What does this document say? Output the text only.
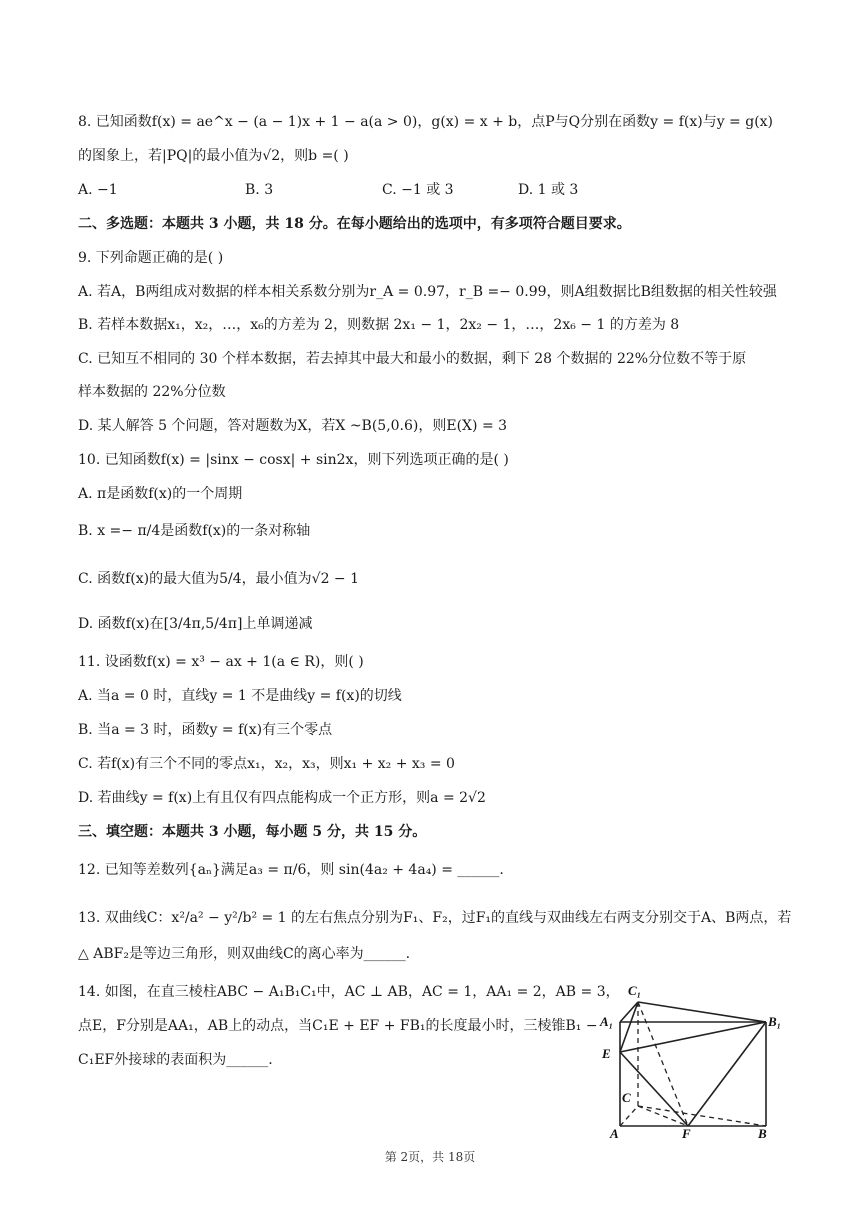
8. 已知函数f(x) = ae^x − (a − 1)x + 1 − a(a > 0)，g(x) = x + b，点P与Q分别在函数y = f(x)与y = g(x)
的图象上，若|PQ|的最小值为√2，则b =( )
A. −1	B. 3	C. −1 或 3	D. 1 或 3
二、多选题：本题共 3 小题，共 18 分。在每小题给出的选项中，有多项符合题目要求。
9. 下列命题正确的是( )
A. 若A，B两组成对数据的样本相关系数分别为r_A = 0.97，r_B =− 0.99，则A组数据比B组数据的相关性较强
B. 若样本数据x₁，x₂，…，x₆的方差为 2，则数据 2x₁ − 1，2x₂ − 1，…，2x₆ − 1 的方差为 8
C. 已知互不相同的 30 个样本数据，若去掉其中最大和最小的数据，剩下 28 个数据的 22%分位数不等于原
样本数据的 22%分位数
D. 某人解答 5 个问题，答对题数为X，若X ~B(5,0.6)，则E(X) = 3
10. 已知函数f(x) = |sinx − cosx| + sin2x，则下列选项正确的是( )
A. π是函数f(x)的一个周期
B. x =− π/4是函数f(x)的一条对称轴
C. 函数f(x)的最大值为5/4，最小值为√2 − 1
D. 函数f(x)在[3/4π,5/4π]上单调递减
11. 设函数f(x) = x³ − ax + 1(a ∈ R)，则( )
A. 当a = 0 时，直线y = 1 不是曲线y = f(x)的切线
B. 当a = 3 时，函数y = f(x)有三个零点
C. 若f(x)有三个不同的零点x₁，x₂，x₃，则x₁ + x₂ + x₃ = 0
D. 若曲线y = f(x)上有且仅有四点能构成一个正方形，则a = 2√2
三、填空题：本题共 3 小题，每小题 5 分，共 15 分。
12. 已知等差数列{aₙ}满足a₃ = π/6，则 sin(4a₂ + 4a₄) = ______.
13. 双曲线C：x²/a² − y²/b² = 1 的左右焦点分别为F₁、F₂，过F₁的直线与双曲线左右两支分别交于A、B两点，若
△ ABF₂是等边三角形，则双曲线C的离心率为______.
14. 如图，在直三棱柱ABC − A₁B₁C₁中，AC ⊥ AB，AC = 1，AA₁ = 2，AB = 3，
点E，F分别是AA₁，AB上的动点，当C₁E + EF + FB₁的长度最小时，三棱锥B₁ −
C₁EF外接球的表面积为______.
C₁
A₁	B₁
E
C
A	F	B
第 2页，共 18页
